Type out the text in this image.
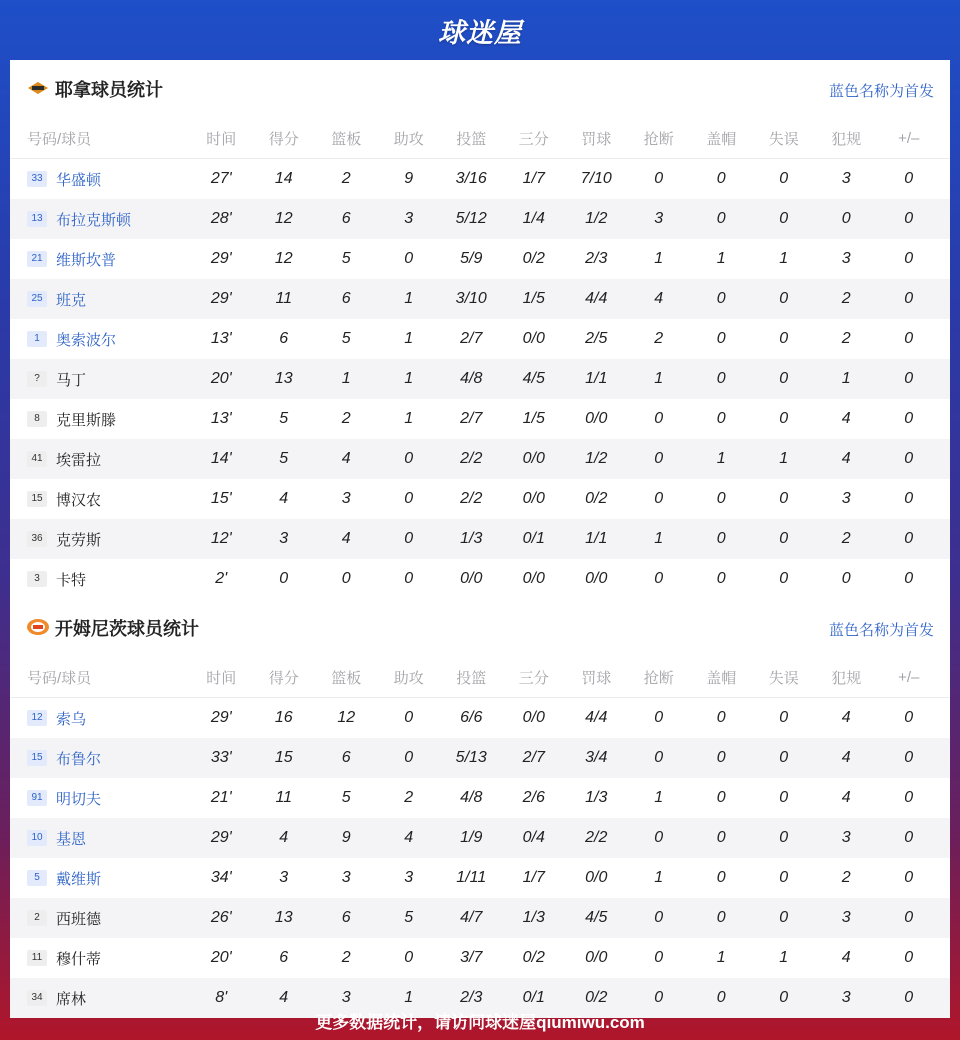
球迷屋
耶拿球员统计	蓝色名称为首发
号码/球员	时间	得分	篮板	助攻	投篮	三分	罚球	抢断	盖帽	失误	犯规	+/–
33 华盛顿	27'	14	2	9	3/16	1/7	7/10	0	0	0	3	0
13 布拉克斯顿	28'	12	6	3	5/12	1/4	1/2	3	0	0	0	0
21 维斯坎普	29'	12	5	0	5/9	0/2	2/3	1	1	1	3	0
25 班克	29'	11	6	1	3/10	1/5	4/4	4	0	0	2	0
1	奥索波尔	13'	6	5	1	2/7	0/0	2/5	2	0	0	2	0
?	马丁	20'	13	1	1	4/8	4/5	1/1	1	0	0	1	0
8	克里斯滕	13'	5	2	1	2/7	1/5	0/0	0	0	0	4	0
41 埃雷拉	14'	5	4	0	2/2	0/0	1/2	0	1	1	4	0
15 博汉农	15'	4	3	0	2/2	0/0	0/2	0	0	0	3	0
36 克劳斯	12'	3	4	0	1/3	0/1	1/1	1	0	0	2	0
3	卡特	2'	0	0	0	0/0	0/0	0/0	0	0	0	0	0
开姆尼茨球员统计	蓝色名称为首发
号码/球员	时间	得分	篮板	助攻	投篮	三分	罚球	抢断	盖帽	失误	犯规	+/–
12 索乌	29'	16	12	0	6/6	0/0	4/4	0	0	0	4	0
15 布鲁尔	33'	15	6	0	5/13	2/7	3/4	0	0	0	4	0
91 明切夫	21'	11	5	2	4/8	2/6	1/3	1	0	0	4	0
10 基恩	29'	4	9	4	1/9	0/4	2/2	0	0	0	3	0
5	戴维斯	34'	3	3	3	1/11	1/7	0/0	1	0	0	2	0
2	西班德	26'	13	6	5	4/7	1/3	4/5	0	0	0	3	0
11 穆什蒂	20'	6	2	0	3/7	0/2	0/0	0	1	1	4	0
34 席林	8'	4	3	1	2/3	0/1	0/2	0	0	0	3	0
更多数据统计，请访问球迷屋qiumiwu.com
